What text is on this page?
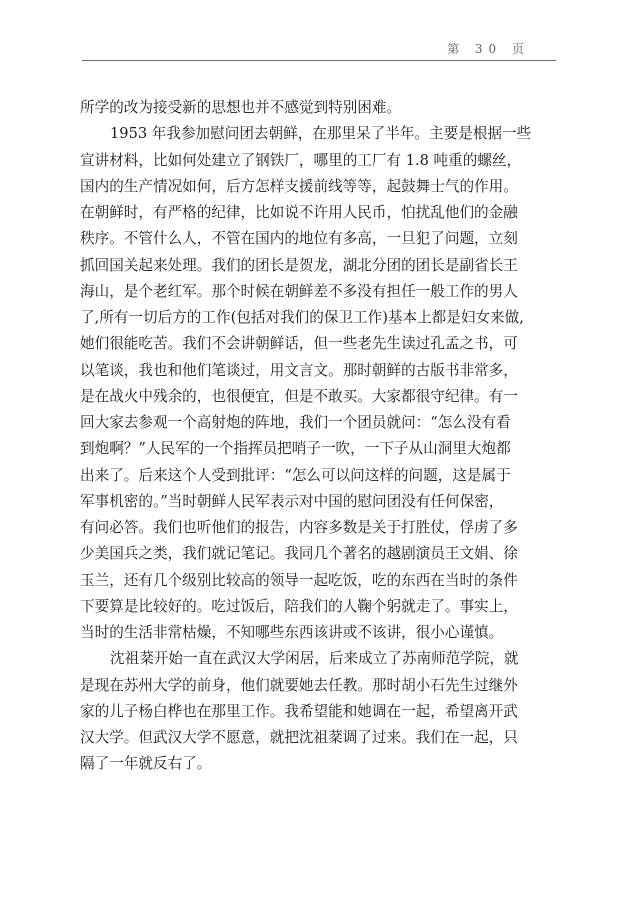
第 30 页
所学的改为接受新的思想也并不感觉到特别困难。
1953 年我参加慰问团去朝鲜，在那里呆了半年。主要是根据一些
宣讲材料，比如何处建立了钢铁厂，哪里的工厂有 1.8 吨重的螺丝，
国内的生产情况如何，后方怎样支援前线等等，起鼓舞士气的作用。
在朝鲜时，有严格的纪律，比如说不许用人民币，怕扰乱他们的金融
秩序。不管什么人，不管在国内的地位有多高，一旦犯了问题，立刻
抓回国关起来处理。我们的团长是贺龙，湖北分团的团长是副省长王
海山，是个老红军。那个时候在朝鲜差不多没有担任一般工作的男人
了,所有一切后方的工作(包括对我们的保卫工作)基本上都是妇女来做,
她们很能吃苦。我们不会讲朝鲜话，但一些老先生读过孔孟之书，可
以笔谈，我也和他们笔谈过，用文言文。那时朝鲜的古版书非常多，
是在战火中残余的，也很便宜，但是不敢买。大家都很守纪律。有一
回大家去参观一个高射炮的阵地，我们一个团员就问：“怎么没有看
到炮啊？”人民军的一个指挥员把哨子一吹，一下子从山洞里大炮都
出来了。后来这个人受到批评：“怎么可以问这样的问题，这是属于
军事机密的。”当时朝鲜人民军表示对中国的慰问团没有任何保密，
有问必答。我们也听他们的报告，内容多数是关于打胜仗，俘虏了多
少美国兵之类，我们就记笔记。我同几个著名的越剧演员王文娟、徐
玉兰，还有几个级别比较高的领导一起吃饭，吃的东西在当时的条件
下要算是比较好的。吃过饭后，陪我们的人鞠个躬就走了。事实上，
当时的生活非常枯燥，不知哪些东西该讲或不该讲，很小心谨慎。
沈祖棻开始一直在武汉大学闲居，后来成立了苏南师范学院，就
是现在苏州大学的前身，他们就要她去任教。那时胡小石先生过继外
家的儿子杨白桦也在那里工作。我希望能和她调在一起，希望离开武
汉大学。但武汉大学不愿意，就把沈祖棻调了过来。我们在一起，只
隔了一年就反右了。
